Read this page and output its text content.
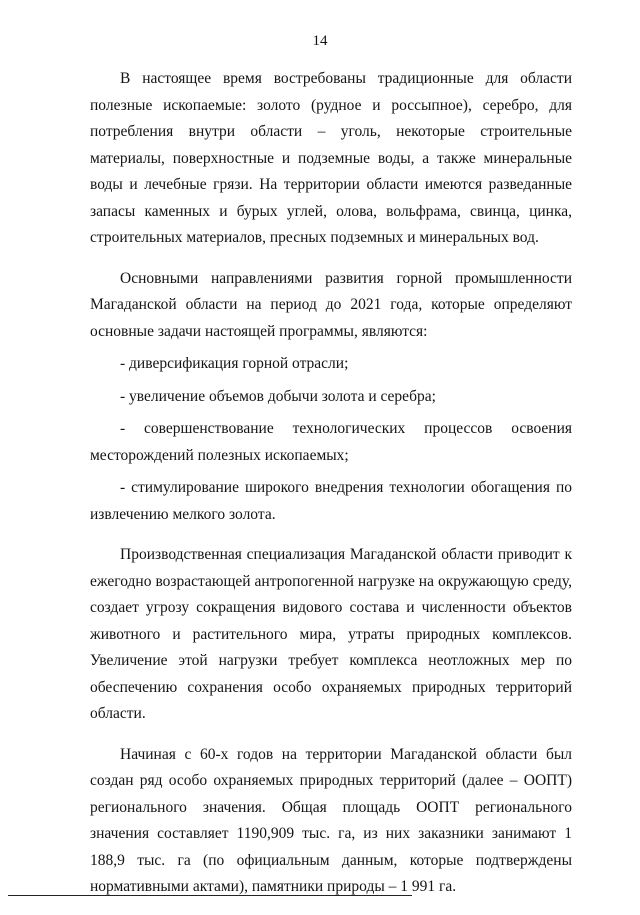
14

В настоящее время востребованы традиционные для области полезные ископаемые: золото (рудное и россыпное), серебро, для потребления внутри области – уголь, некоторые строительные материалы, поверхностные и подземные воды, а также минеральные воды и лечебные грязи. На территории области имеются разведанные запасы каменных и бурых углей, олова, вольфрама, свинца, цинка, строительных материалов, пресных подземных и минеральных вод.

Основными направлениями развития горной промышленности Магаданской области на период до 2021 года, которые определяют основные задачи настоящей программы, являются:

- диверсификация горной отрасли;

- увеличение объемов добычи золота и серебра;

- совершенствование технологических процессов освоения месторождений полезных ископаемых;

- стимулирование широкого внедрения технологии обогащения по извлечению мелкого золота.

Производственная специализация Магаданской области приводит к ежегодно возрастающей антропогенной нагрузке на окружающую среду, создает угрозу сокращения видового состава и численности объектов животного и растительного мира, утраты природных комплексов. Увеличение этой нагрузки требует комплекса неотложных мер по обеспечению сохранения особо охраняемых природных территорий области.

Начиная с 60-х годов на территории Магаданской области был создан ряд особо охраняемых природных территорий (далее – ООПТ) регионального значения. Общая площадь ООПТ регионального значения составляет 1190,909 тыс. га, из них заказники занимают 1 188,9 тыс. га (по официальным данным, которые подтверждены нормативными актами), памятники природы – 1 991 га.
